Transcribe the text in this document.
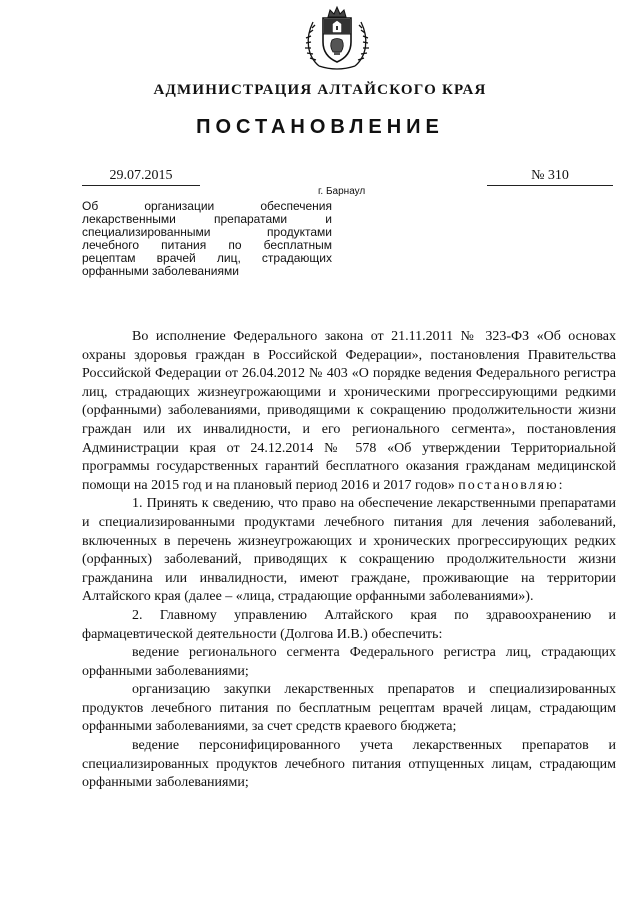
АДМИНИСТРАЦИЯ АЛТАЙСКОГО КРАЯ
ПОСТАНОВЛЕНИЕ
29.07.2015
г. Барнаул
№ 310
Об организации обеспечения лекарственными препаратами и специализированными продуктами лечебного питания по бесплатным рецептам врачей лиц, страдающих орфанными заболеваниями

Во исполнение Федерального закона от 21.11.2011 № 323-ФЗ «Об основах охраны здоровья граждан в Российской Федерации», постановления Правительства Российской Федерации от 26.04.2012 № 403 «О порядке ведения Федерального регистра лиц, страдающих жизнеугрожающими и хроническими прогрессирующими редкими (орфанными) заболеваниями, приводящими к сокращению продолжительности жизни граждан или их инвалидности, и его регионального сегмента», постановления Администрации края от 24.12.2014 № 578 «Об утверждении Территориальной программы государственных гарантий бесплатного оказания гражданам медицинской помощи на 2015 год и на плановый период 2016 и 2017 годов» постановляю:

1. Принять к сведению, что право на обеспечение лекарственными препаратами и специализированными продуктами лечебного питания для лечения заболеваний, включенных в перечень жизнеугрожающих и хронических прогрессирующих редких (орфанных) заболеваний, приводящих к сокращению продолжительности жизни гражданина или инвалидности, имеют граждане, проживающие на территории Алтайского края (далее – «лица, страдающие орфанными заболеваниями»).

2. Главному управлению Алтайского края по здравоохранению и фармацевтической деятельности (Долгова И.В.) обеспечить:

ведение регионального сегмента Федерального регистра лиц, страдающих орфанными заболеваниями;

организацию закупки лекарственных препаратов и специализированных продуктов лечебного питания по бесплатным рецептам врачей лицам, страдающим орфанными заболеваниями, за счет средств краевого бюджета;

ведение персонифицированного учета лекарственных препаратов и специализированных продуктов лечебного питания отпущенных лицам, страдающим орфанными заболеваниями;
